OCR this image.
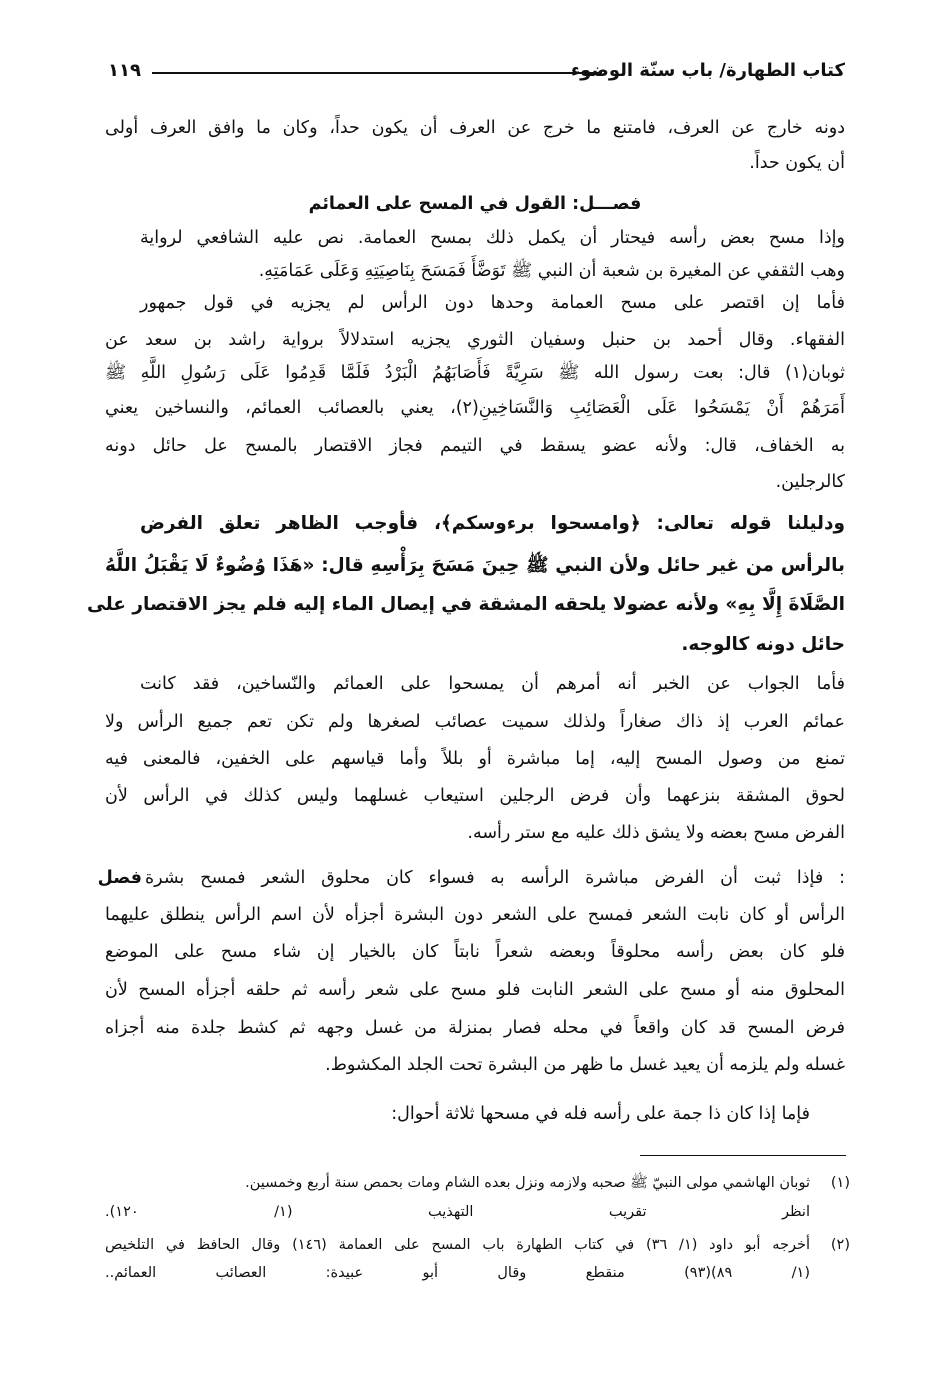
كتاب الطهارة/ باب سنّة الوضوء
١١٩
دونه خارج عن العرف، فامتنع ما خرج عن العرف أن يكون حداً، وكان ما وافق العرف أولى
أن يكون حداً.
فصـــل: القول في المسح على العمائم
وإذا مسح بعض رأسه فيحتار أن يكمل ذلك بمسح العمامة. نص عليه الشافعي لرواية
وهب الثقفي عن المغيرة بن شعبة أن النبي ﷺ تَوَضَّأَ فَمَسَحَ بِنَاصِيَتِهِ وَعَلَى عَمَامَتِهِ.
فأما إن اقتصر على مسح العمامة وحدها دون الرأس لم يجزيه في قول جمهور
الفقهاء. وقال أحمد بن حنبل وسفيان الثوري يجزيه استدلالاً برواية راشد بن سعد عن
ثوبان(١) قال: بعت رسول الله ﷺ سَرِيَّةً فَأَصَابَهُمُ الْبَرْدُ فَلَمَّا قَدِمُوا عَلَى رَسُولِ اللَّهِ ﷺ
أَمَرَهُمْ أَنْ يَمْسَحُوا عَلَى الْعَصَائِبِ وَالنَّسَاخِينِ(٢)، يعني بالعصائب العمائم، والنساخين يعني
به الخفاف، قال: ولأنه عضو يسقط في التيمم فجاز الاقتصار بالمسح عل حائل دونه
كالرجلين.
ودليلنا قوله تعالى: ﴿وامسحوا برءوسكم﴾، فأوجب الظاهر تعلق الفرض
بالرأس من غير حائل ولأن النبي ﷺ حِينَ مَسَحَ بِرَأْسِهِ قال: «هَذَا وُضُوءٌ لَا يَقْبَلُ اللَّهُ
الصَّلَاةَ إِلَّا بِهِ» ولأنه عضولا يلحقه المشقة في إيصال الماء إليه فلم يجز الاقتصار على
حائل دونه كالوجه.
فأما الجواب عن الخبر أنه أمرهم أن يمسحوا على العمائم والنّساخين، فقد كانت
عمائم العرب إذ ذاك صغاراً ولذلك سميت عصائب لصغرها ولم تكن تعم جميع الرأس ولا
تمنع من وصول المسح إليه، إما مباشرة أو بللاً وأما قياسهم على الخفين، فالمعنى فيه
لحوق المشقة بنزعهما وأن فرض الرجلين استيعاب غسلهما وليس كذلك في الرأس لأن
الفرض مسح بعضه ولا يشق ذلك عليه مع ستر رأسه.
فصل : فإذا ثبت أن الفرض مباشرة الرأسه به فسواء كان محلوق الشعر فمسح بشرة
الرأس أو كان نابت الشعر فمسح على الشعر دون البشرة أجزأه لأن اسم الرأس ينطلق عليهما
فلو كان بعض رأسه محلوقاً وبعضه شعراً نابتاً كان بالخيار إن شاء مسح على الموضع
المحلوق منه أو مسح على الشعر النابت فلو مسح على شعر رأسه ثم حلقه أجزأه المسح لأن
فرض المسح قد كان واقعاً في محله فصار بمنزلة من غسل وجهه ثم كشط جلدة منه أجزاه
غسله ولم يلزمه أن يعيد غسل ما ظهر من البشرة تحت الجلد المكشوط.
فإما إذا كان ذا جمة على رأسه فله في مسحها ثلاثة أحوال:
(١)
ثوبان الهاشمي مولى النبيّ ﷺ صحبه ولازمه ونزل بعده الشام ومات بحمص سنة أربع وخمسين.
انظر تقريب التهذيب (١/ ١٢٠).
(٢)
أخرجه أبو داود (١/ ٣٦) في كتاب الطهارة باب المسح على العمامة (١٤٦) وقال الحافظ في التلخيص
(١/ ٨٩)(٩٣) منقطع وقال أبو عبيدة: العصائب العمائم..
